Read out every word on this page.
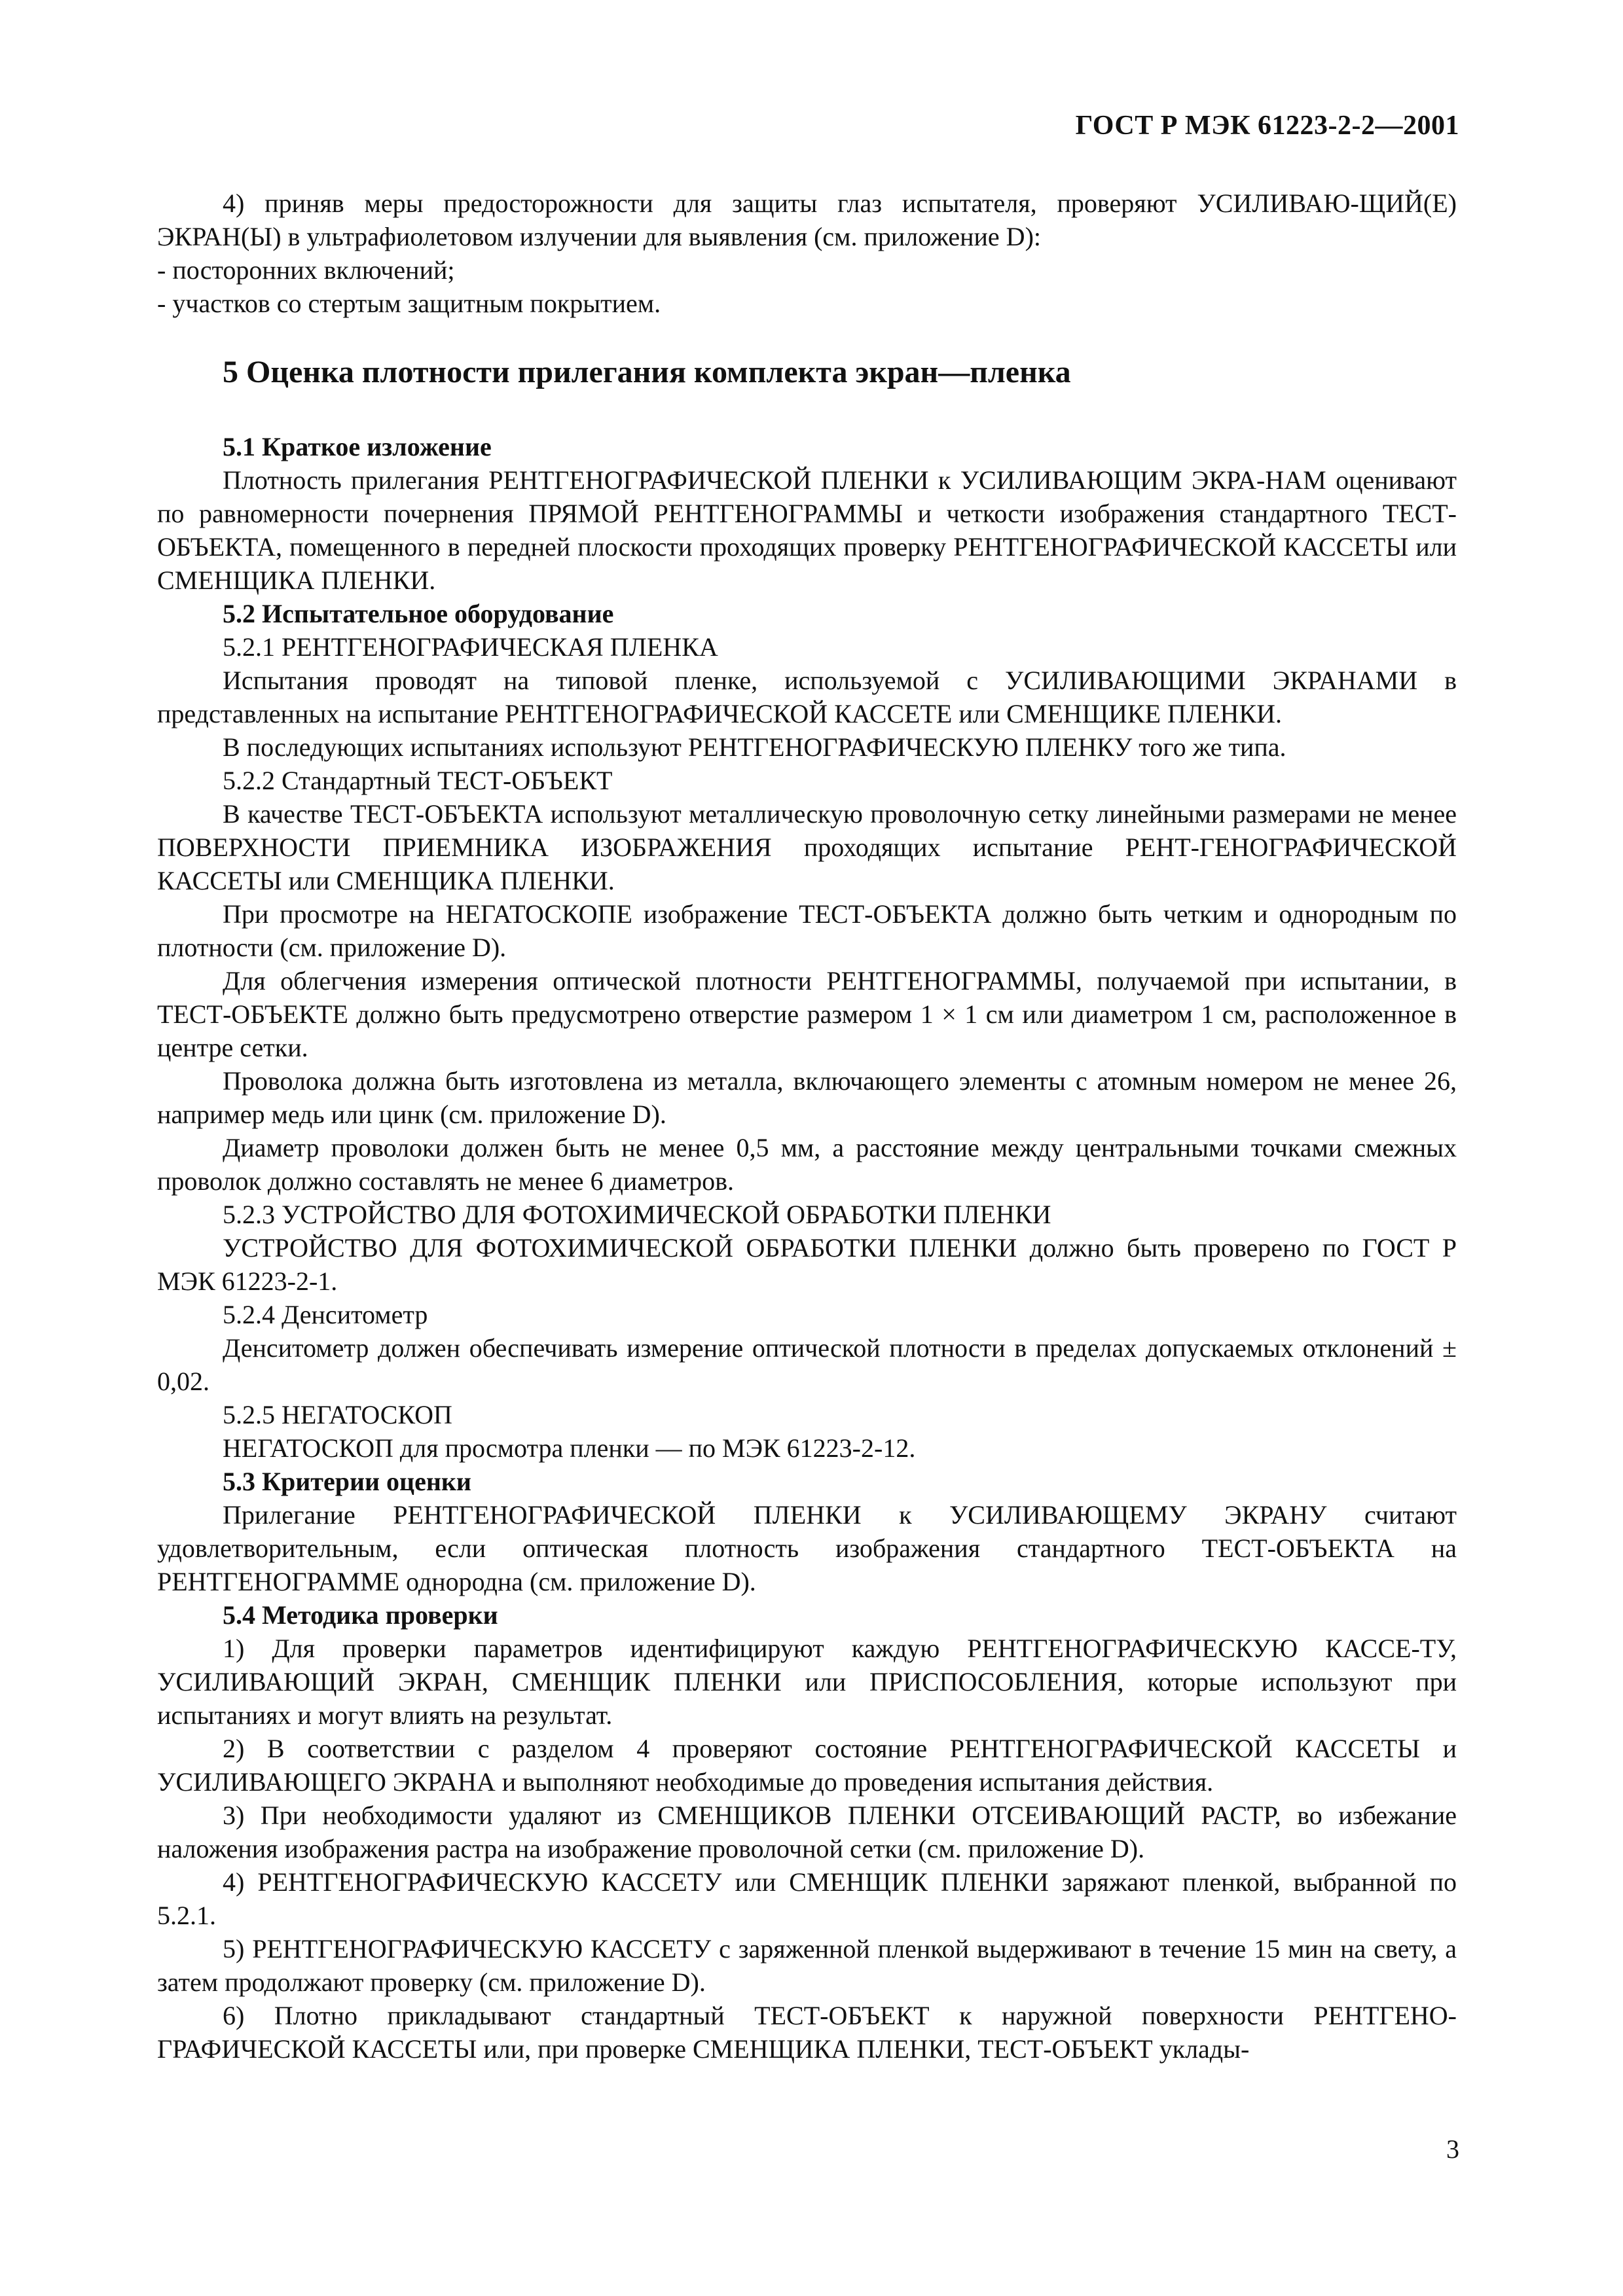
ГОСТ Р МЭК 61223-2-2—2001

4) приняв меры предосторожности для защиты глаз испытателя, проверяют УСИЛИВАЮ-ЩИЙ(Е) ЭКРАН(Ы) в ультрафиолетовом излучении для выявления (см. приложение D):

- посторонних включений;

- участков со стертым защитным покрытием.

5 Оценка плотности прилегания комплекта экран—пленка

5.1 Краткое изложение

Плотность прилегания РЕНТГЕНОГРАФИЧЕСКОЙ ПЛЕНКИ к УСИЛИВАЮЩИМ ЭКРА-НАМ оценивают по равномерности почернения ПРЯМОЙ РЕНТГЕНОГРАММЫ и четкости изображения стандартного ТЕСТ-ОБЪЕКТА, помещенного в передней плоскости проходящих проверку РЕНТГЕНОГРАФИЧЕСКОЙ КАССЕТЫ или СМЕНЩИКА ПЛЕНКИ.

5.2 Испытательное оборудование

5.2.1 РЕНТГЕНОГРАФИЧЕСКАЯ ПЛЕНКА

Испытания проводят на типовой пленке, используемой с УСИЛИВАЮЩИМИ ЭКРАНАМИ в представленных на испытание РЕНТГЕНОГРАФИЧЕСКОЙ КАССЕТЕ или СМЕНЩИКЕ ПЛЕНКИ.

В последующих испытаниях используют РЕНТГЕНОГРАФИЧЕСКУЮ ПЛЕНКУ того же типа.

5.2.2 Стандартный ТЕСТ-ОБЪЕКТ

В качестве ТЕСТ-ОБЪЕКТА используют металлическую проволочную сетку линейными размерами не менее ПОВЕРХНОСТИ ПРИЕМНИКА ИЗОБРАЖЕНИЯ проходящих испытание РЕНТ-ГЕНОГРАФИЧЕСКОЙ КАССЕТЫ или СМЕНЩИКА ПЛЕНКИ.

При просмотре на НЕГАТОСКОПЕ изображение ТЕСТ-ОБЪЕКТА должно быть четким и однородным по плотности (см. приложение D).

Для облегчения измерения оптической плотности РЕНТГЕНОГРАММЫ, получаемой при испытании, в ТЕСТ-ОБЪЕКТЕ должно быть предусмотрено отверстие размером 1 × 1 см или диаметром 1 см, расположенное в центре сетки.

Проволока должна быть изготовлена из металла, включающего элементы с атомным номером не менее 26, например медь или цинк (см. приложение D).

Диаметр проволоки должен быть не менее 0,5 мм, а расстояние между центральными точками смежных проволок должно составлять не менее 6 диаметров.

5.2.3 УСТРОЙСТВО ДЛЯ ФОТОХИМИЧЕСКОЙ ОБРАБОТКИ ПЛЕНКИ

УСТРОЙСТВО ДЛЯ ФОТОХИМИЧЕСКОЙ ОБРАБОТКИ ПЛЕНКИ должно быть проверено по ГОСТ Р МЭК 61223-2-1.

5.2.4 Денситометр

Денситометр должен обеспечивать измерение оптической плотности в пределах допускаемых отклонений ± 0,02.

5.2.5 НЕГАТОСКОП

НЕГАТОСКОП для просмотра пленки — по МЭК 61223-2-12.

5.3 Критерии оценки

Прилегание РЕНТГЕНОГРАФИЧЕСКОЙ ПЛЕНКИ к УСИЛИВАЮЩЕМУ ЭКРАНУ считают удовлетворительным, если оптическая плотность изображения стандартного ТЕСТ-ОБЪЕКТА на РЕНТГЕНОГРАММЕ однородна (см. приложение D).

5.4 Методика проверки

1) Для проверки параметров идентифицируют каждую РЕНТГЕНОГРАФИЧЕСКУЮ КАССЕ-ТУ, УСИЛИВАЮЩИЙ ЭКРАН, СМЕНЩИК ПЛЕНКИ или ПРИСПОСОБЛЕНИЯ, которые используют при испытаниях и могут влиять на результат.

2) В соответствии с разделом 4 проверяют состояние РЕНТГЕНОГРАФИЧЕСКОЙ КАССЕТЫ и УСИЛИВАЮЩЕГО ЭКРАНА и выполняют необходимые до проведения испытания действия.

3) При необходимости удаляют из СМЕНЩИКОВ ПЛЕНКИ ОТСЕИВАЮЩИЙ РАСТР, во избежание наложения изображения растра на изображение проволочной сетки (см. приложение D).

4) РЕНТГЕНОГРАФИЧЕСКУЮ КАССЕТУ или СМЕНЩИК ПЛЕНКИ заряжают пленкой, выбранной по 5.2.1.

5) РЕНТГЕНОГРАФИЧЕСКУЮ КАССЕТУ с заряженной пленкой выдерживают в течение 15 мин на свету, а затем продолжают проверку (см. приложение D).

6) Плотно прикладывают стандартный ТЕСТ-ОБЪЕКТ к наружной поверхности РЕНТГЕНО-ГРАФИЧЕСКОЙ КАССЕТЫ или, при проверке СМЕНЩИКА ПЛЕНКИ, ТЕСТ-ОБЪЕКТ уклады-

3
